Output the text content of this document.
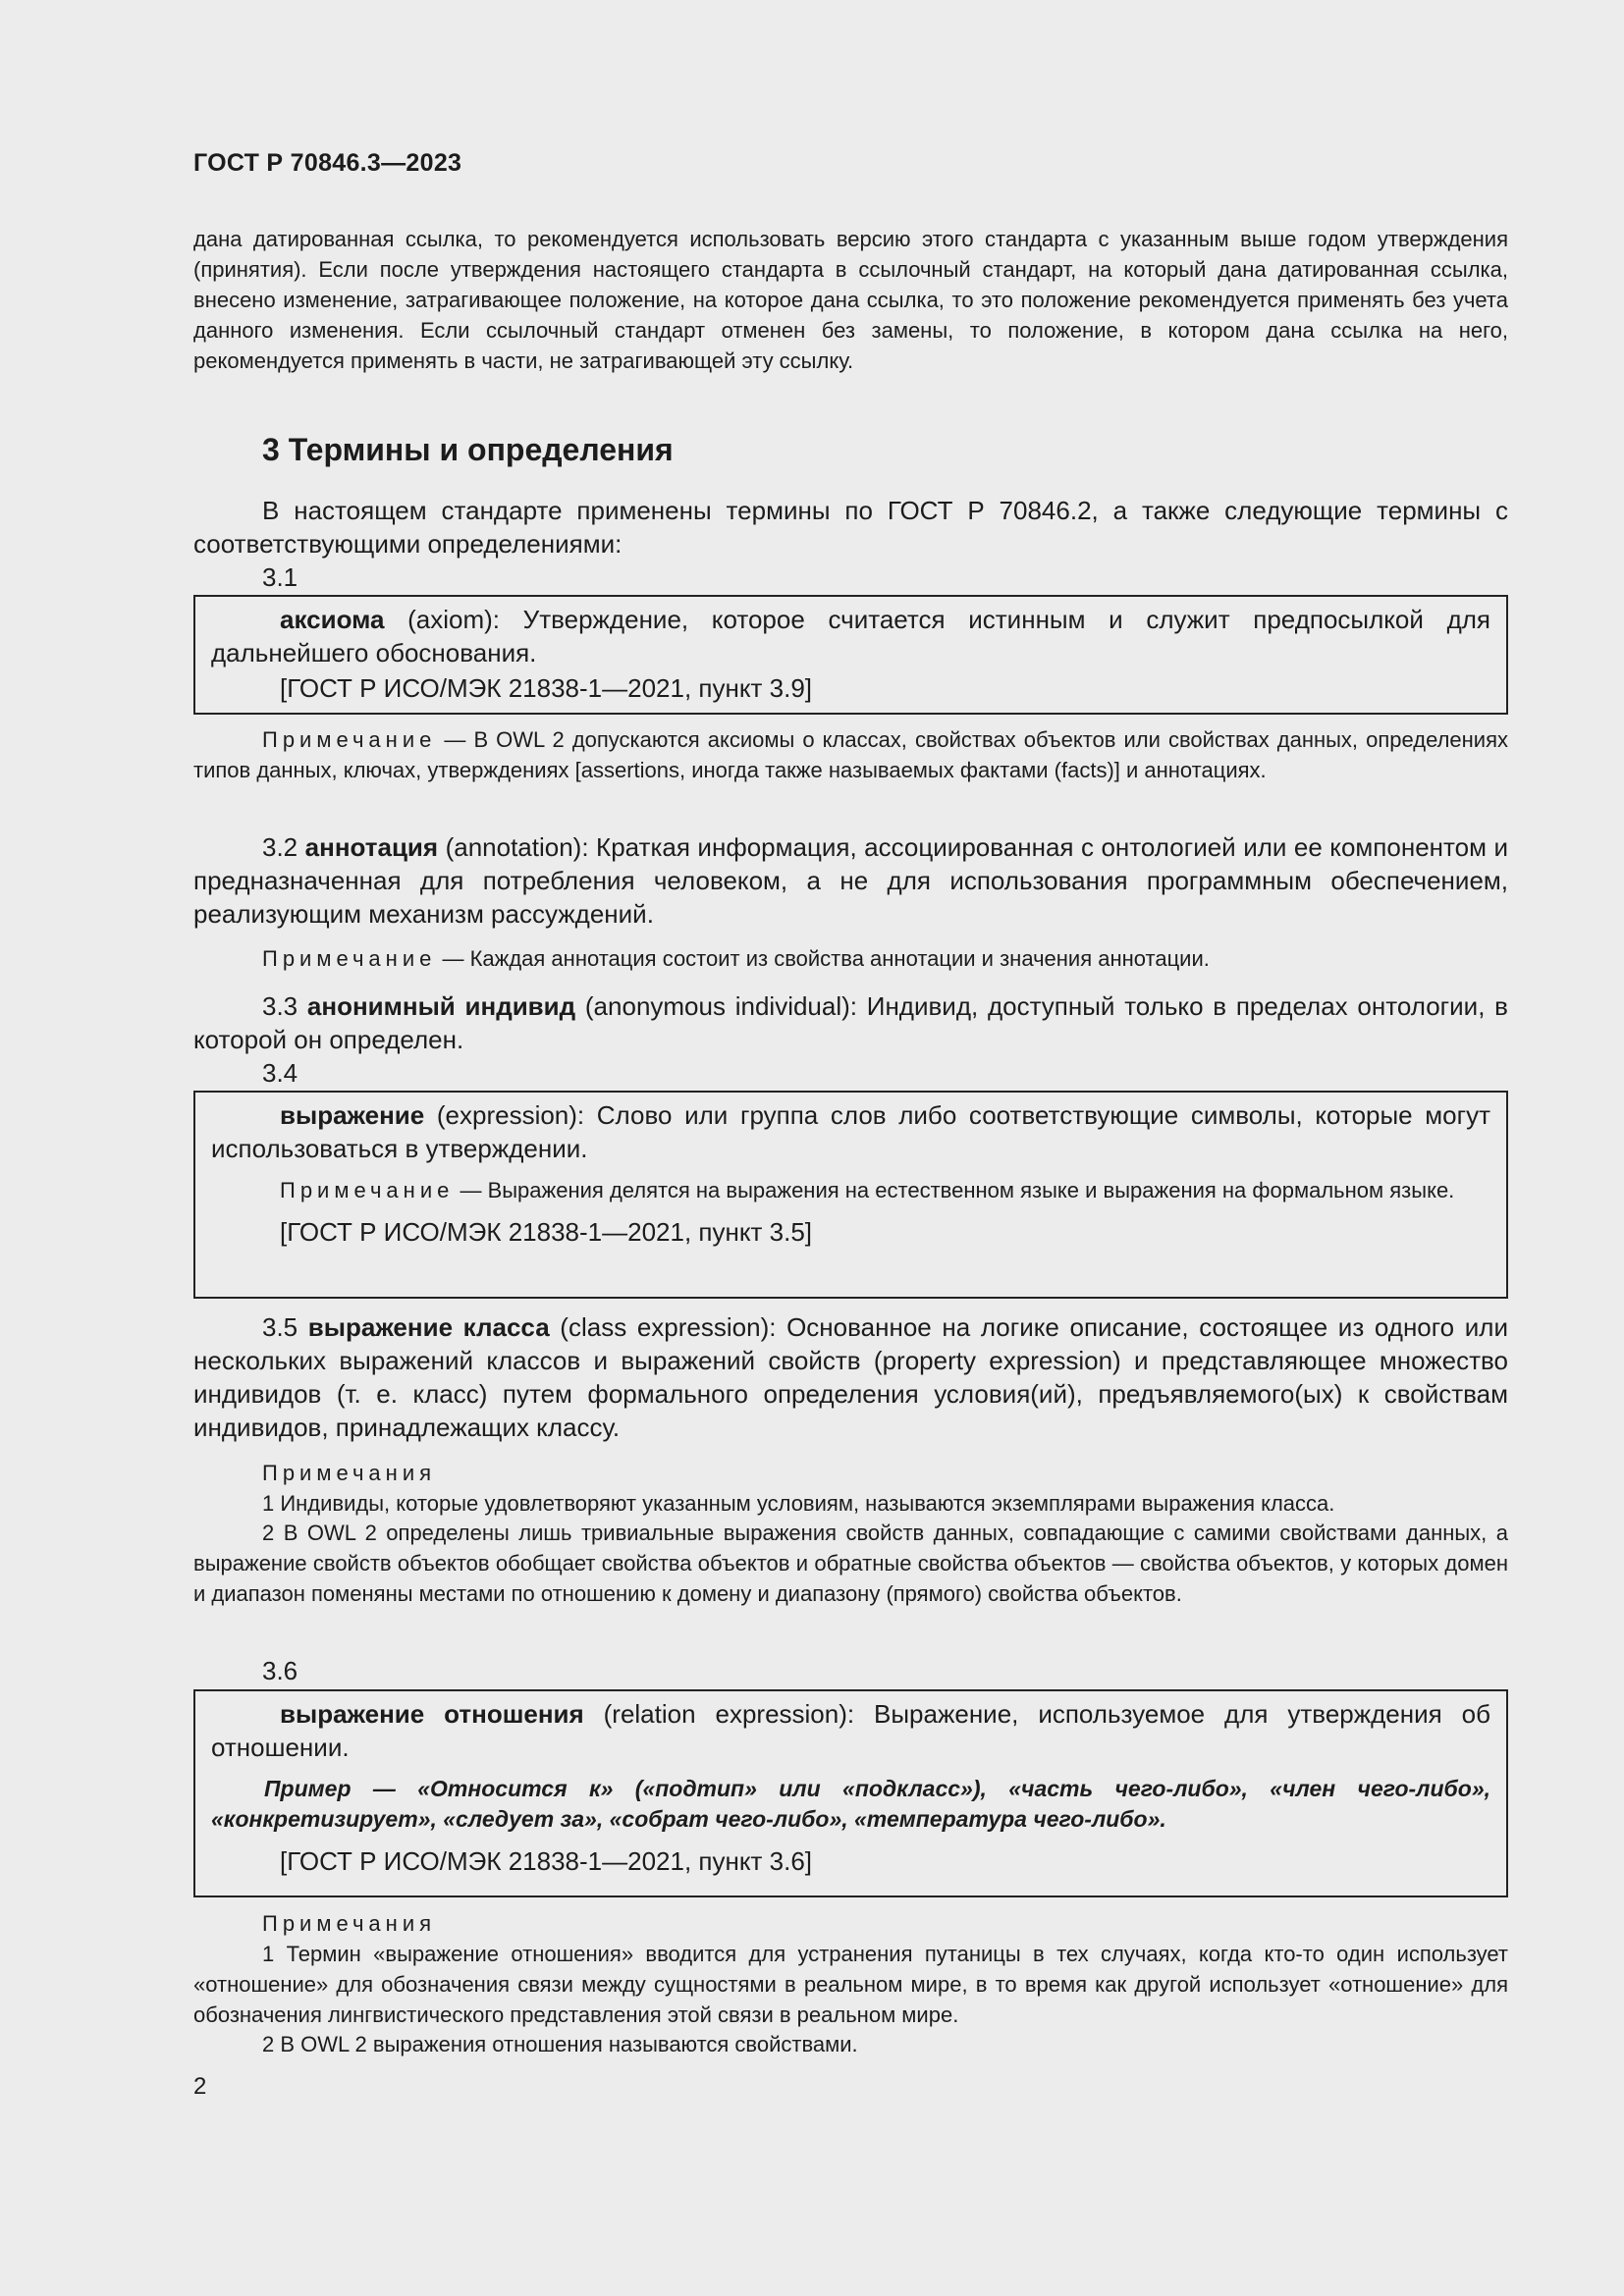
ГОСТ Р 70846.3—2023

дана датированная ссылка, то рекомендуется использовать версию этого стандарта с указанным выше годом утверждения (принятия). Если после утверждения настоящего стандарта в ссылочный стандарт, на который дана датированная ссылка, внесено изменение, затрагивающее положение, на которое дана ссылка, то это положение рекомендуется применять без учета данного изменения. Если ссылочный стандарт отменен без замены, то положение, в котором дана ссылка на него, рекомендуется применять в части, не затрагивающей эту ссылку.

3 Термины и определения

В настоящем стандарте применены термины по ГОСТ Р 70846.2, а также следующие термины с соответствующими определениями:

3.1

аксиома (axiom): Утверждение, которое считается истинным и служит предпосылкой для дальнейшего обоснования.

[ГОСТ Р ИСО/МЭК 21838-1—2021, пункт 3.9]

Примечание — В OWL 2 допускаются аксиомы о классах, свойствах объектов или свойствах данных, определениях типов данных, ключах, утверждениях [assertions, иногда также называемых фактами (facts)] и аннотациях.

3.2 аннотация (annotation): Краткая информация, ассоциированная с онтологией или ее компонентом и предназначенная для потребления человеком, а не для использования программным обеспечением, реализующим механизм рассуждений.

Примечание — Каждая аннотация состоит из свойства аннотации и значения аннотации.

3.3 анонимный индивид (anonymous individual): Индивид, доступный только в пределах онтологии, в которой он определен.

3.4

выражение (expression): Слово или группа слов либо соответствующие символы, которые могут использоваться в утверждении.

Примечание — Выражения делятся на выражения на естественном языке и выражения на формальном языке.

[ГОСТ Р ИСО/МЭК 21838-1—2021, пункт 3.5]

3.5 выражение класса (class expression): Основанное на логике описание, состоящее из одного или нескольких выражений классов и выражений свойств (property expression) и представляющее множество индивидов (т. е. класс) путем формального определения условия(ий), предъявляемого(ых) к свойствам индивидов, принадлежащих классу.

Примечания

1 Индивиды, которые удовлетворяют указанным условиям, называются экземплярами выражения класса.

2 В OWL 2 определены лишь тривиальные выражения свойств данных, совпадающие с самими свойствами данных, а выражение свойств объектов обобщает свойства объектов и обратные свойства объектов — свойства объектов, у которых домен и диапазон поменяны местами по отношению к домену и диапазону (прямого) свойства объектов.

3.6

выражение отношения (relation expression): Выражение, используемое для утверждения об отношении.

Пример — «Относится к» («подтип» или «подкласс»), «часть чего-либо», «член чего-либо», «конкретизирует», «следует за», «собрат чего-либо», «температура чего-либо».

[ГОСТ Р ИСО/МЭК 21838-1—2021, пункт 3.6]

Примечания

1 Термин «выражение отношения» вводится для устранения путаницы в тех случаях, когда кто-то один использует «отношение» для обозначения связи между сущностями в реальном мире, в то время как другой использует «отношение» для обозначения лингвистического представления этой связи в реальном мире.

2 В OWL 2 выражения отношения называются свойствами.

2
